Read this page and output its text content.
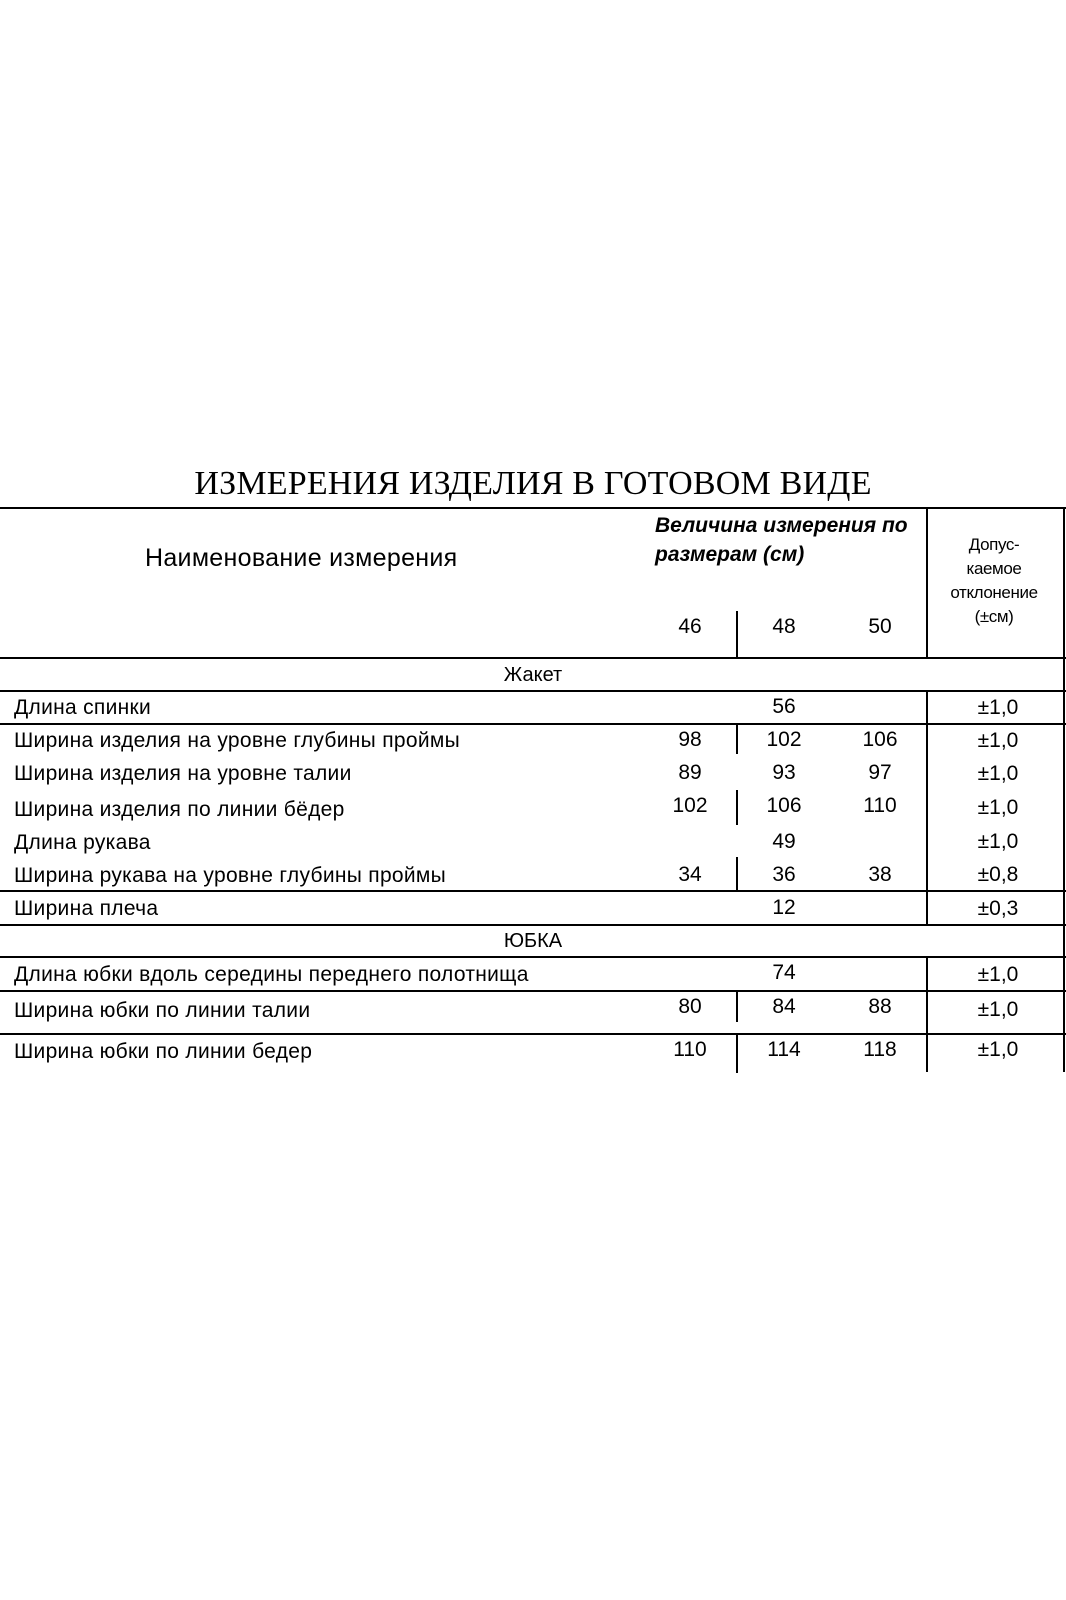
ИЗМЕРЕНИЯ ИЗДЕЛИЯ В ГОТОВОМ ВИДЕ
Наименование измерения
Величина измерения по размерам (см)	Допус-
каемое
отклонение
(±см)
46	48	50
Жакет
Длина спинки	56	±1,0
Ширина изделия на уровне глубины проймы	98	102	106	±1,0
Ширина изделия на уровне талии	89	93	97	±1,0
Ширина изделия по линии бёдер	102	106	110	±1,0
Длина рукава	49	±1,0
Ширина рукава на уровне глубины проймы	34	36	38	±0,8
Ширина плеча	12	±0,3
ЮБКА
Длина юбки вдоль середины переднего полотнища	74	±1,0
Ширина юбки по линии талии	80	84	88	±1,0
Ширина юбки по линии бедер	110	114	118	±1,0
